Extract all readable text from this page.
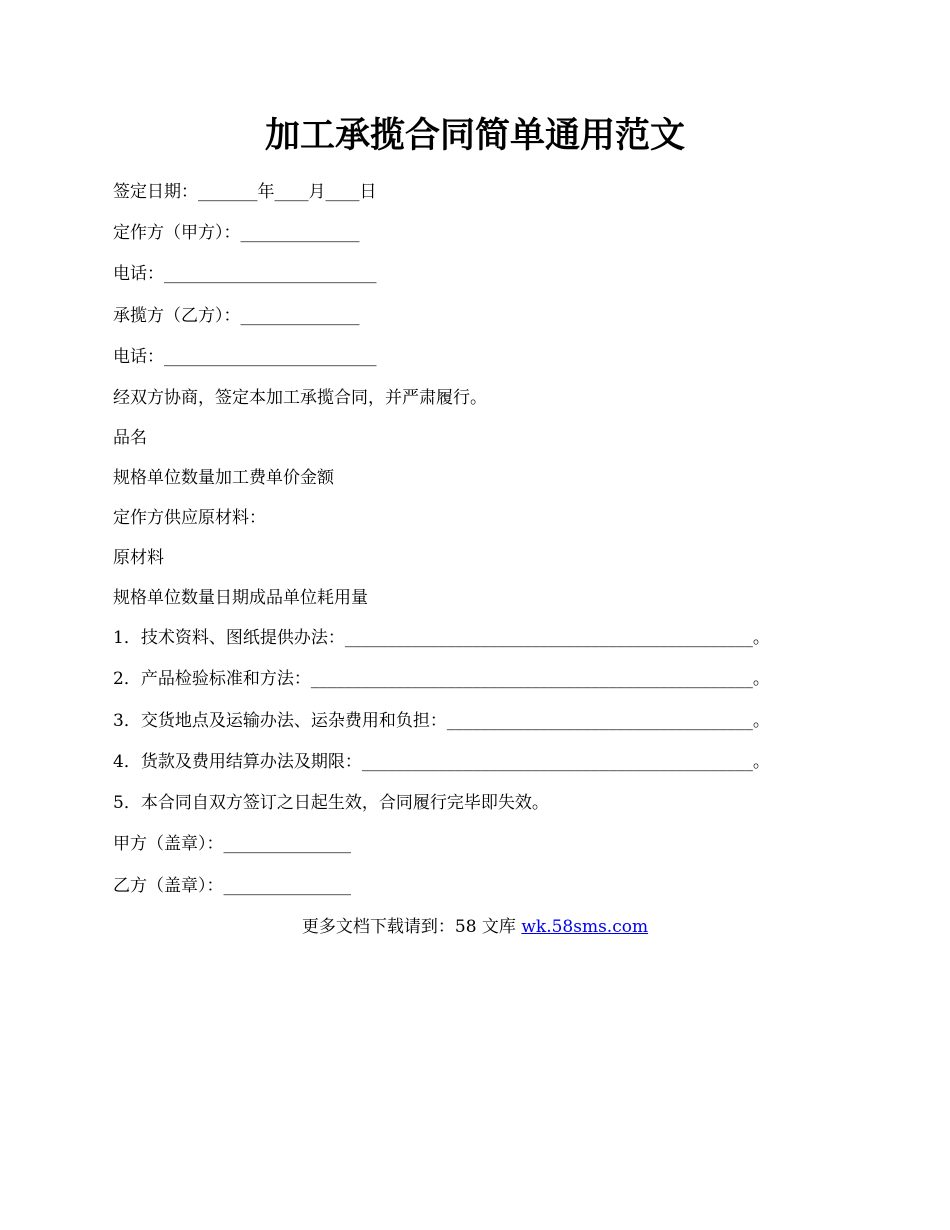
加工承揽合同简单通用范文
签定日期：_______年____月____日
定作方（甲方）：______________
电话：_________________________
承揽方（乙方）：______________
电话：_________________________
经双方协商，签定本加工承揽合同，并严肃履行。
品名
规格单位数量加工费单价金额
定作方供应原材料：
原材料
规格单位数量日期成品单位耗用量
1．技术资料、图纸提供办法：________________________________________________。
2．产品检验标准和方法：____________________________________________________。
3．交货地点及运输办法、运杂费用和负担：____________________________________。
4．货款及费用结算办法及期限：______________________________________________。
5．本合同自双方签订之日起生效，合同履行完毕即失效。
甲方（盖章）：_______________
乙方（盖章）：_______________
更多文档下载请到：58 文库 wk.58sms.com
